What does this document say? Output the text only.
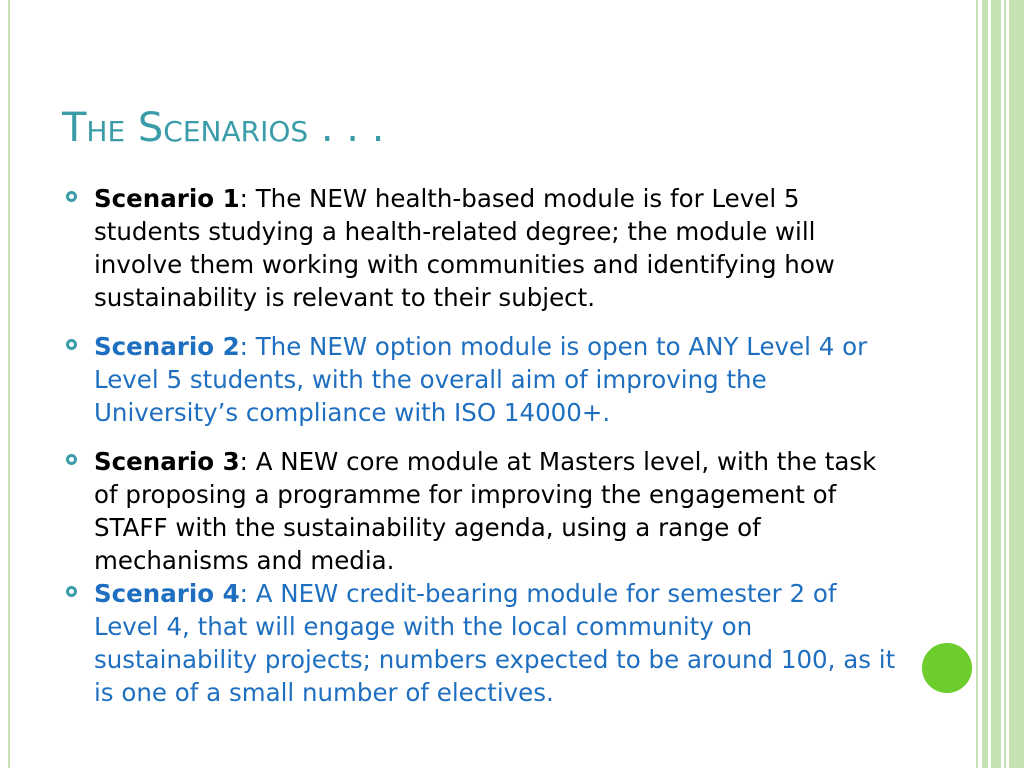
The Scenarios . . .
Scenario 1: The NEW health-based module is for Level 5 students studying a health-related degree; the module will involve them working with communities and identifying how sustainability is relevant to their subject.
Scenario 2: The NEW option module is open to ANY Level 4 or Level 5 students, with the overall aim of improving the University’s compliance with ISO 14000+.
Scenario 3: A NEW core module at Masters level, with the task of proposing a programme for improving the engagement of STAFF with the sustainability agenda, using a range of mechanisms and media.
Scenario 4: A NEW credit-bearing module for semester 2 of Level 4, that will engage with the local community on sustainability projects; numbers expected to be around 100, as it is one of a small number of electives.
